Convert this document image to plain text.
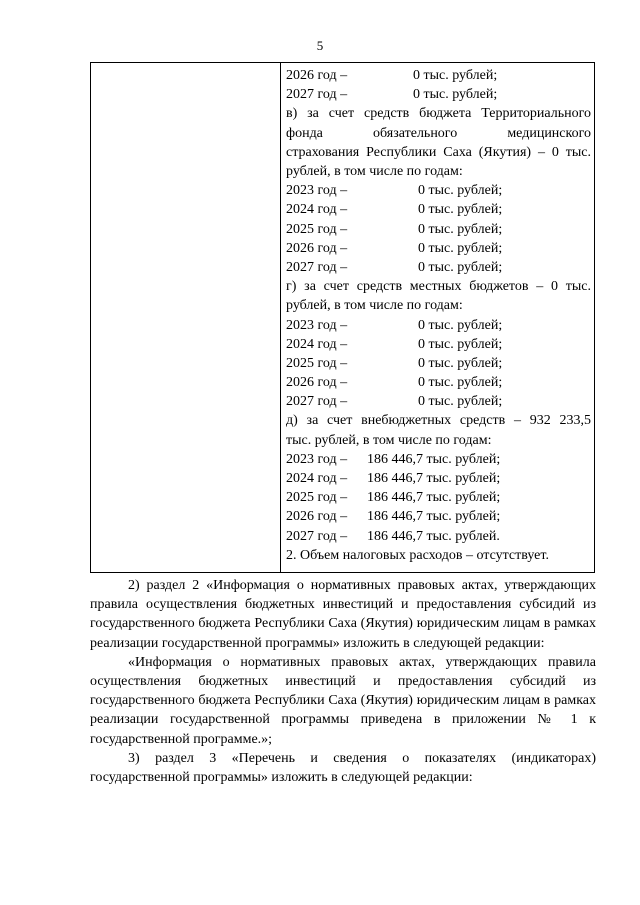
5
2026 год –	0 тыс. рублей;
2027 год –	0 тыс. рублей;
в) за счет средств бюджета Территориального
фонда обязательного медицинского
страхования Республики Саха (Якутия) – 0 тыс.
рублей, в том числе по годам:
2023 год –	0 тыс. рублей;
2024 год –	0 тыс. рублей;
2025 год –	0 тыс. рублей;
2026 год –	0 тыс. рублей;
2027 год –	0 тыс. рублей;
г) за счет средств местных бюджетов – 0 тыс.
рублей, в том числе по годам:
2023 год –	0 тыс. рублей;
2024 год –	0 тыс. рублей;
2025 год –	0 тыс. рублей;
2026 год –	0 тыс. рублей;
2027 год –	0 тыс. рублей;
д) за счет внебюджетных средств – 932 233,5
тыс. рублей, в том числе по годам:
2023 год – 186 446,7 тыс. рублей;
2024 год – 186 446,7 тыс. рублей;
2025 год – 186 446,7 тыс. рублей;
2026 год – 186 446,7 тыс. рублей;
2027 год – 186 446,7 тыс. рублей.
2. Объем налоговых расходов – отсутствует.

2) раздел 2 «Информация о нормативных правовых актах, утверждающих правила осуществления бюджетных инвестиций и предоставления субсидий из государственного бюджета Республики Саха (Якутия) юридическим лицам в рамках реализации государственной программы» изложить в следующей редакции:

«Информация о нормативных правовых актах, утверждающих правила осуществления бюджетных инвестиций и предоставления субсидий из государственного бюджета Республики Саха (Якутия) юридическим лицам в рамках реализации государственной программы приведена в приложении № 1 к государственной программе.»;

3) раздел 3 «Перечень и сведения о показателях (индикаторах) государственной программы» изложить в следующей редакции:
